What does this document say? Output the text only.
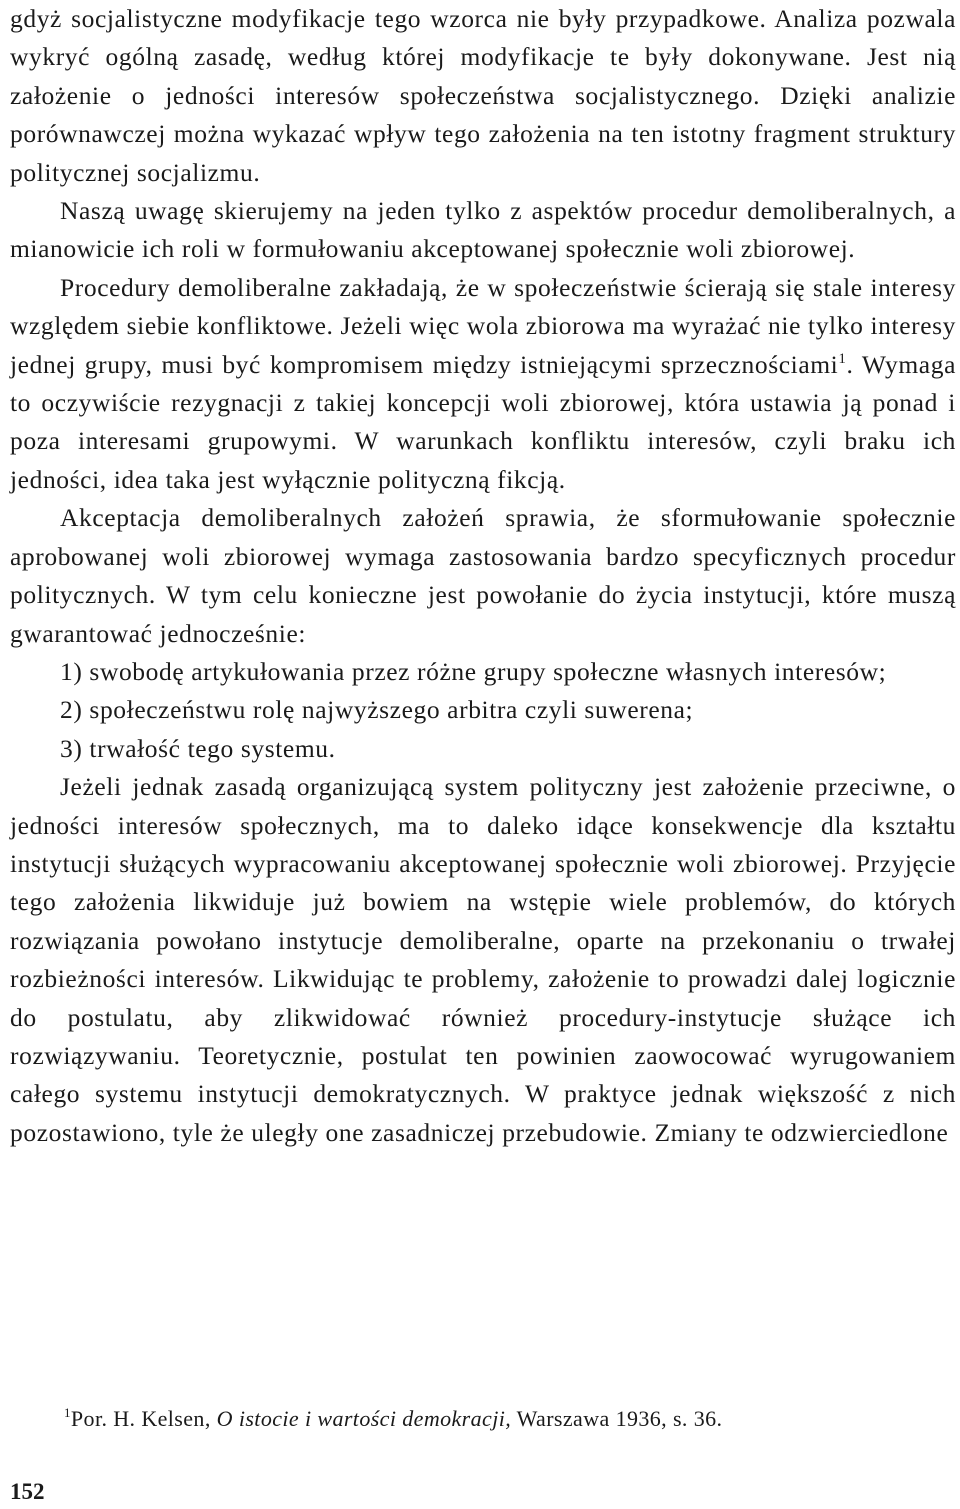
gdyż socjalistyczne modyfikacje tego wzorca nie były przypadkowe. Analiza pozwala wykryć ogólną zasadę, według której modyfikacje te były dokonywane. Jest nią założenie o jedności interesów społeczeństwa socjalistycznego. Dzięki analizie porównawczej można wykazać wpływ tego założenia na ten istotny fragment struktury politycznej socjalizmu.

Naszą uwagę skierujemy na jeden tylko z aspektów procedur demoliberalnych, a mianowicie ich roli w formułowaniu akceptowanej społecznie woli zbiorowej.

Procedury demoliberalne zakładają, że w społeczeństwie ścierają się stale interesy względem siebie konfliktowe. Jeżeli więc wola zbiorowa ma wyrażać nie tylko interesy jednej grupy, musi być kompromisem między istniejącymi sprzecznościami$^1$. Wymaga to oczywiście rezygnacji z takiej koncepcji woli zbiorowej, która ustawia ją ponad i poza interesami grupowymi. W warunkach konfliktu interesów, czyli braku ich jedności, idea taka jest wyłącznie polityczną fikcją.

Akceptacja demoliberalnych założeń sprawia, że sformułowanie społecznie aprobowanej woli zbiorowej wymaga zastosowania bardzo specyficznych procedur politycznych. W tym celu konieczne jest powołanie do życia instytucji, które muszą gwarantować jednocześnie:

1) swobodę artykułowania przez różne grupy społeczne własnych interesów;

2) społeczeństwu rolę najwyższego arbitra czyli suwerena;

3) trwałość tego systemu.

Jeżeli jednak zasadą organizującą system polityczny jest założenie przeciwne, o jedności interesów społecznych, ma to daleko idące konsekwencje dla kształtu instytucji służących wypracowaniu akceptowanej społecznie woli zbiorowej. Przyjęcie tego założenia likwiduje już bowiem na wstępie wiele problemów, do których rozwiązania powołano instytucje demoliberalne, oparte na przekonaniu o trwałej rozbieżności interesów. Likwidując te problemy, założenie to prowadzi dalej logicznie do postulatu, aby zlikwidować również procedury-instytucje służące ich rozwiązywaniu. Teoretycznie, postulat ten powinien zaowocować wyrugowaniem całego systemu instytucji demokratycznych. W praktyce jednak większość z nich pozostawiono, tyle że uległy one zasadniczej przebudowie. Zmiany te odzwierciedlone

$^1$Por. H. Kelsen, O istocie i wartości demokracji, Warszawa 1936, s. 36.
152
